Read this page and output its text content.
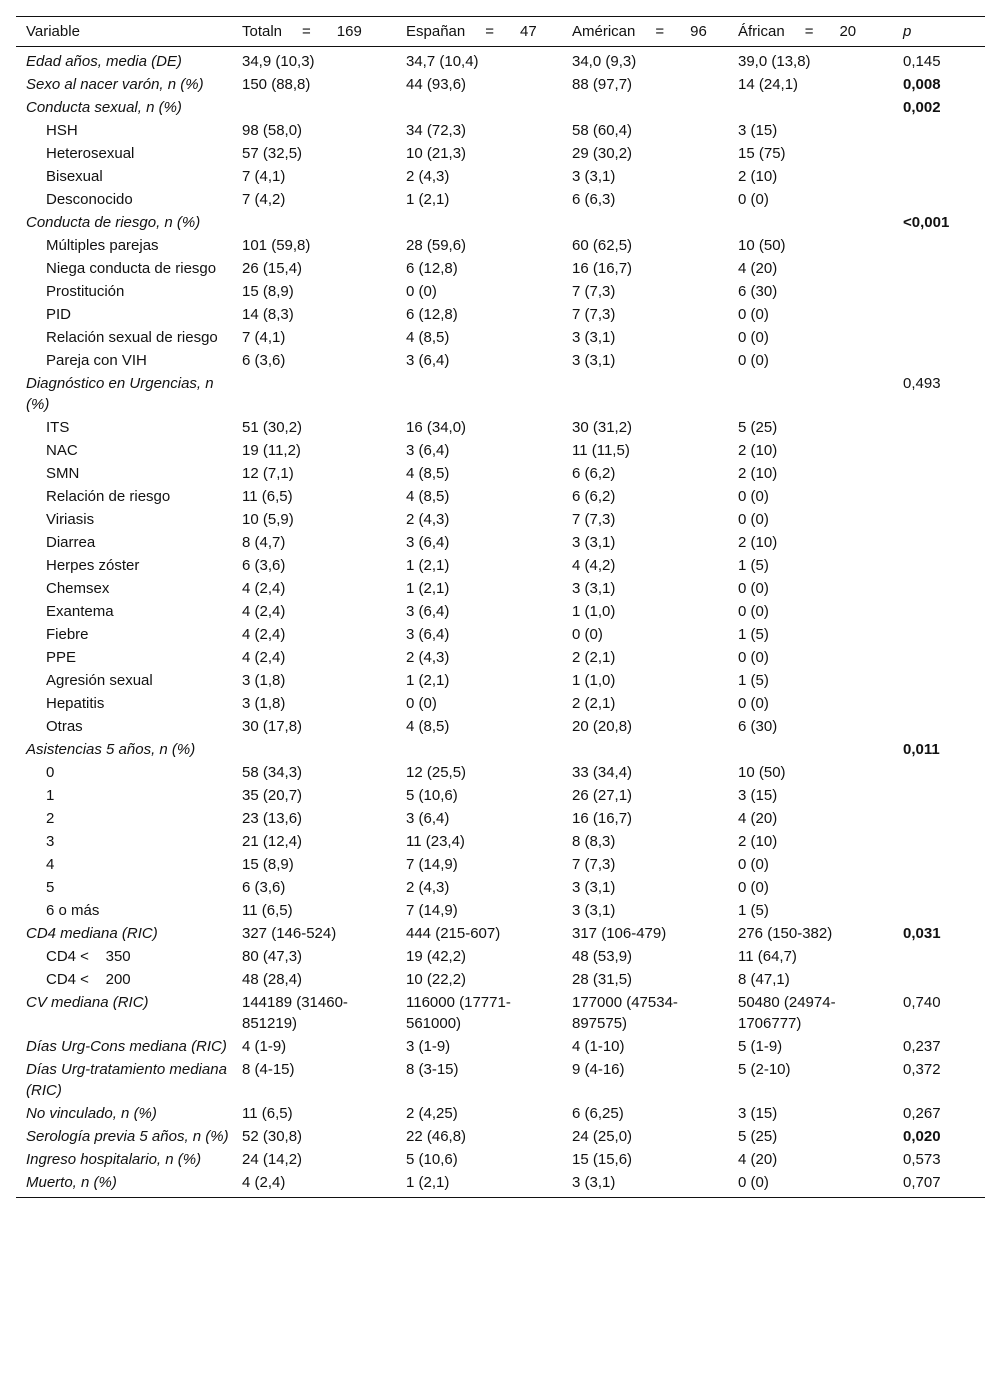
Variable	Totaln = 169	Españan = 47	Américan = 96	Áfrican = 20	p
Edad años, media (DE)	34,9 (10,3)	34,7 (10,4)	34,0 (9,3)	39,0 (13,8)	0,145
Sexo al nacer varón, n (%)	150 (88,8)	44 (93,6)	88 (97,7)	14 (24,1)	0,008
Conducta sexual, n (%)					0,002
HSH	98 (58,0)	34 (72,3)	58 (60,4)	3 (15)	
Heterosexual	57 (32,5)	10 (21,3)	29 (30,2)	15 (75)	
Bisexual	7 (4,1)	2 (4,3)	3 (3,1)	2 (10)	
Desconocido	7 (4,2)	1 (2,1)	6 (6,3)	0 (0)	
Conducta de riesgo, n (%)					<0,001
Múltiples parejas	101 (59,8)	28 (59,6)	60 (62,5)	10 (50)	
Niega conducta de riesgo	26 (15,4)	6 (12,8)	16 (16,7)	4 (20)	
Prostitución	15 (8,9)	0 (0)	7 (7,3)	6 (30)	
PID	14 (8,3)	6 (12,8)	7 (7,3)	0 (0)	
Relación sexual de riesgo	7 (4,1)	4 (8,5)	3 (3,1)	0 (0)	
Pareja con VIH	6 (3,6)	3 (6,4)	3 (3,1)	0 (0)	
Diagnóstico en Urgencias, n (%)					0,493
ITS	51 (30,2)	16 (34,0)	30 (31,2)	5 (25)	
NAC	19 (11,2)	3 (6,4)	11 (11,5)	2 (10)	
SMN	12 (7,1)	4 (8,5)	6 (6,2)	2 (10)	
Relación de riesgo	11 (6,5)	4 (8,5)	6 (6,2)	0 (0)	
Viriasis	10 (5,9)	2 (4,3)	7 (7,3)	0 (0)	
Diarrea	8 (4,7)	3 (6,4)	3 (3,1)	2 (10)	
Herpes zóster	6 (3,6)	1 (2,1)	4 (4,2)	1 (5)	
Chemsex	4 (2,4)	1 (2,1)	3 (3,1)	0 (0)	
Exantema	4 (2,4)	3 (6,4)	1 (1,0)	0 (0)	
Fiebre	4 (2,4)	3 (6,4)	0 (0)	1 (5)	
PPE	4 (2,4)	2 (4,3)	2 (2,1)	0 (0)	
Agresión sexual	3 (1,8)	1 (2,1)	1 (1,0)	1 (5)	
Hepatitis	3 (1,8)	0 (0)	2 (2,1)	0 (0)	
Otras	30 (17,8)	4 (8,5)	20 (20,8)	6 (30)	
Asistencias 5 años, n (%)					0,011
0	58 (34,3)	12 (25,5)	33 (34,4)	10 (50)	
1	35 (20,7)	5 (10,6)	26 (27,1)	3 (15)	
2	23 (13,6)	3 (6,4)	16 (16,7)	4 (20)	
3	21 (12,4)	11 (23,4)	8 (8,3)	2 (10)	
4	15 (8,9)	7 (14,9)	7 (7,3)	0 (0)	
5	6 (3,6)	2 (4,3)	3 (3,1)	0 (0)	
6 o más	11 (6,5)	7 (14,9)	3 (3,1)	1 (5)	
CD4 mediana (RIC)	327 (146-524)	444 (215-607)	317 (106-479)	276 (150-382)	0,031
CD4 <    350	80 (47,3)	19 (42,2)	48 (53,9)	11 (64,7)	
CD4 <    200	48 (28,4)	10 (22,2)	28 (31,5)	8 (47,1)	
CV mediana (RIC)	144189 (31460-851219)	116000 (17771-561000)	177000 (47534-897575)	50480 (24974-1706777)	0,740
Días Urg-Cons mediana (RIC)	4 (1-9)	3 (1-9)	4 (1-10)	5 (1-9)	0,237
Días Urg-tratamiento mediana (RIC)	8 (4-15)	8 (3-15)	9 (4-16)	5 (2-10)	0,372
No vinculado, n (%)	11 (6,5)	2 (4,25)	6 (6,25)	3 (15)	0,267
Serología previa 5 años, n (%)	52 (30,8)	22 (46,8)	24 (25,0)	5 (25)	0,020
Ingreso hospitalario, n (%)	24 (14,2)	5 (10,6)	15 (15,6)	4 (20)	0,573
Muerto, n (%)	4 (2,4)	1 (2,1)	3 (3,1)	0 (0)	0,707
